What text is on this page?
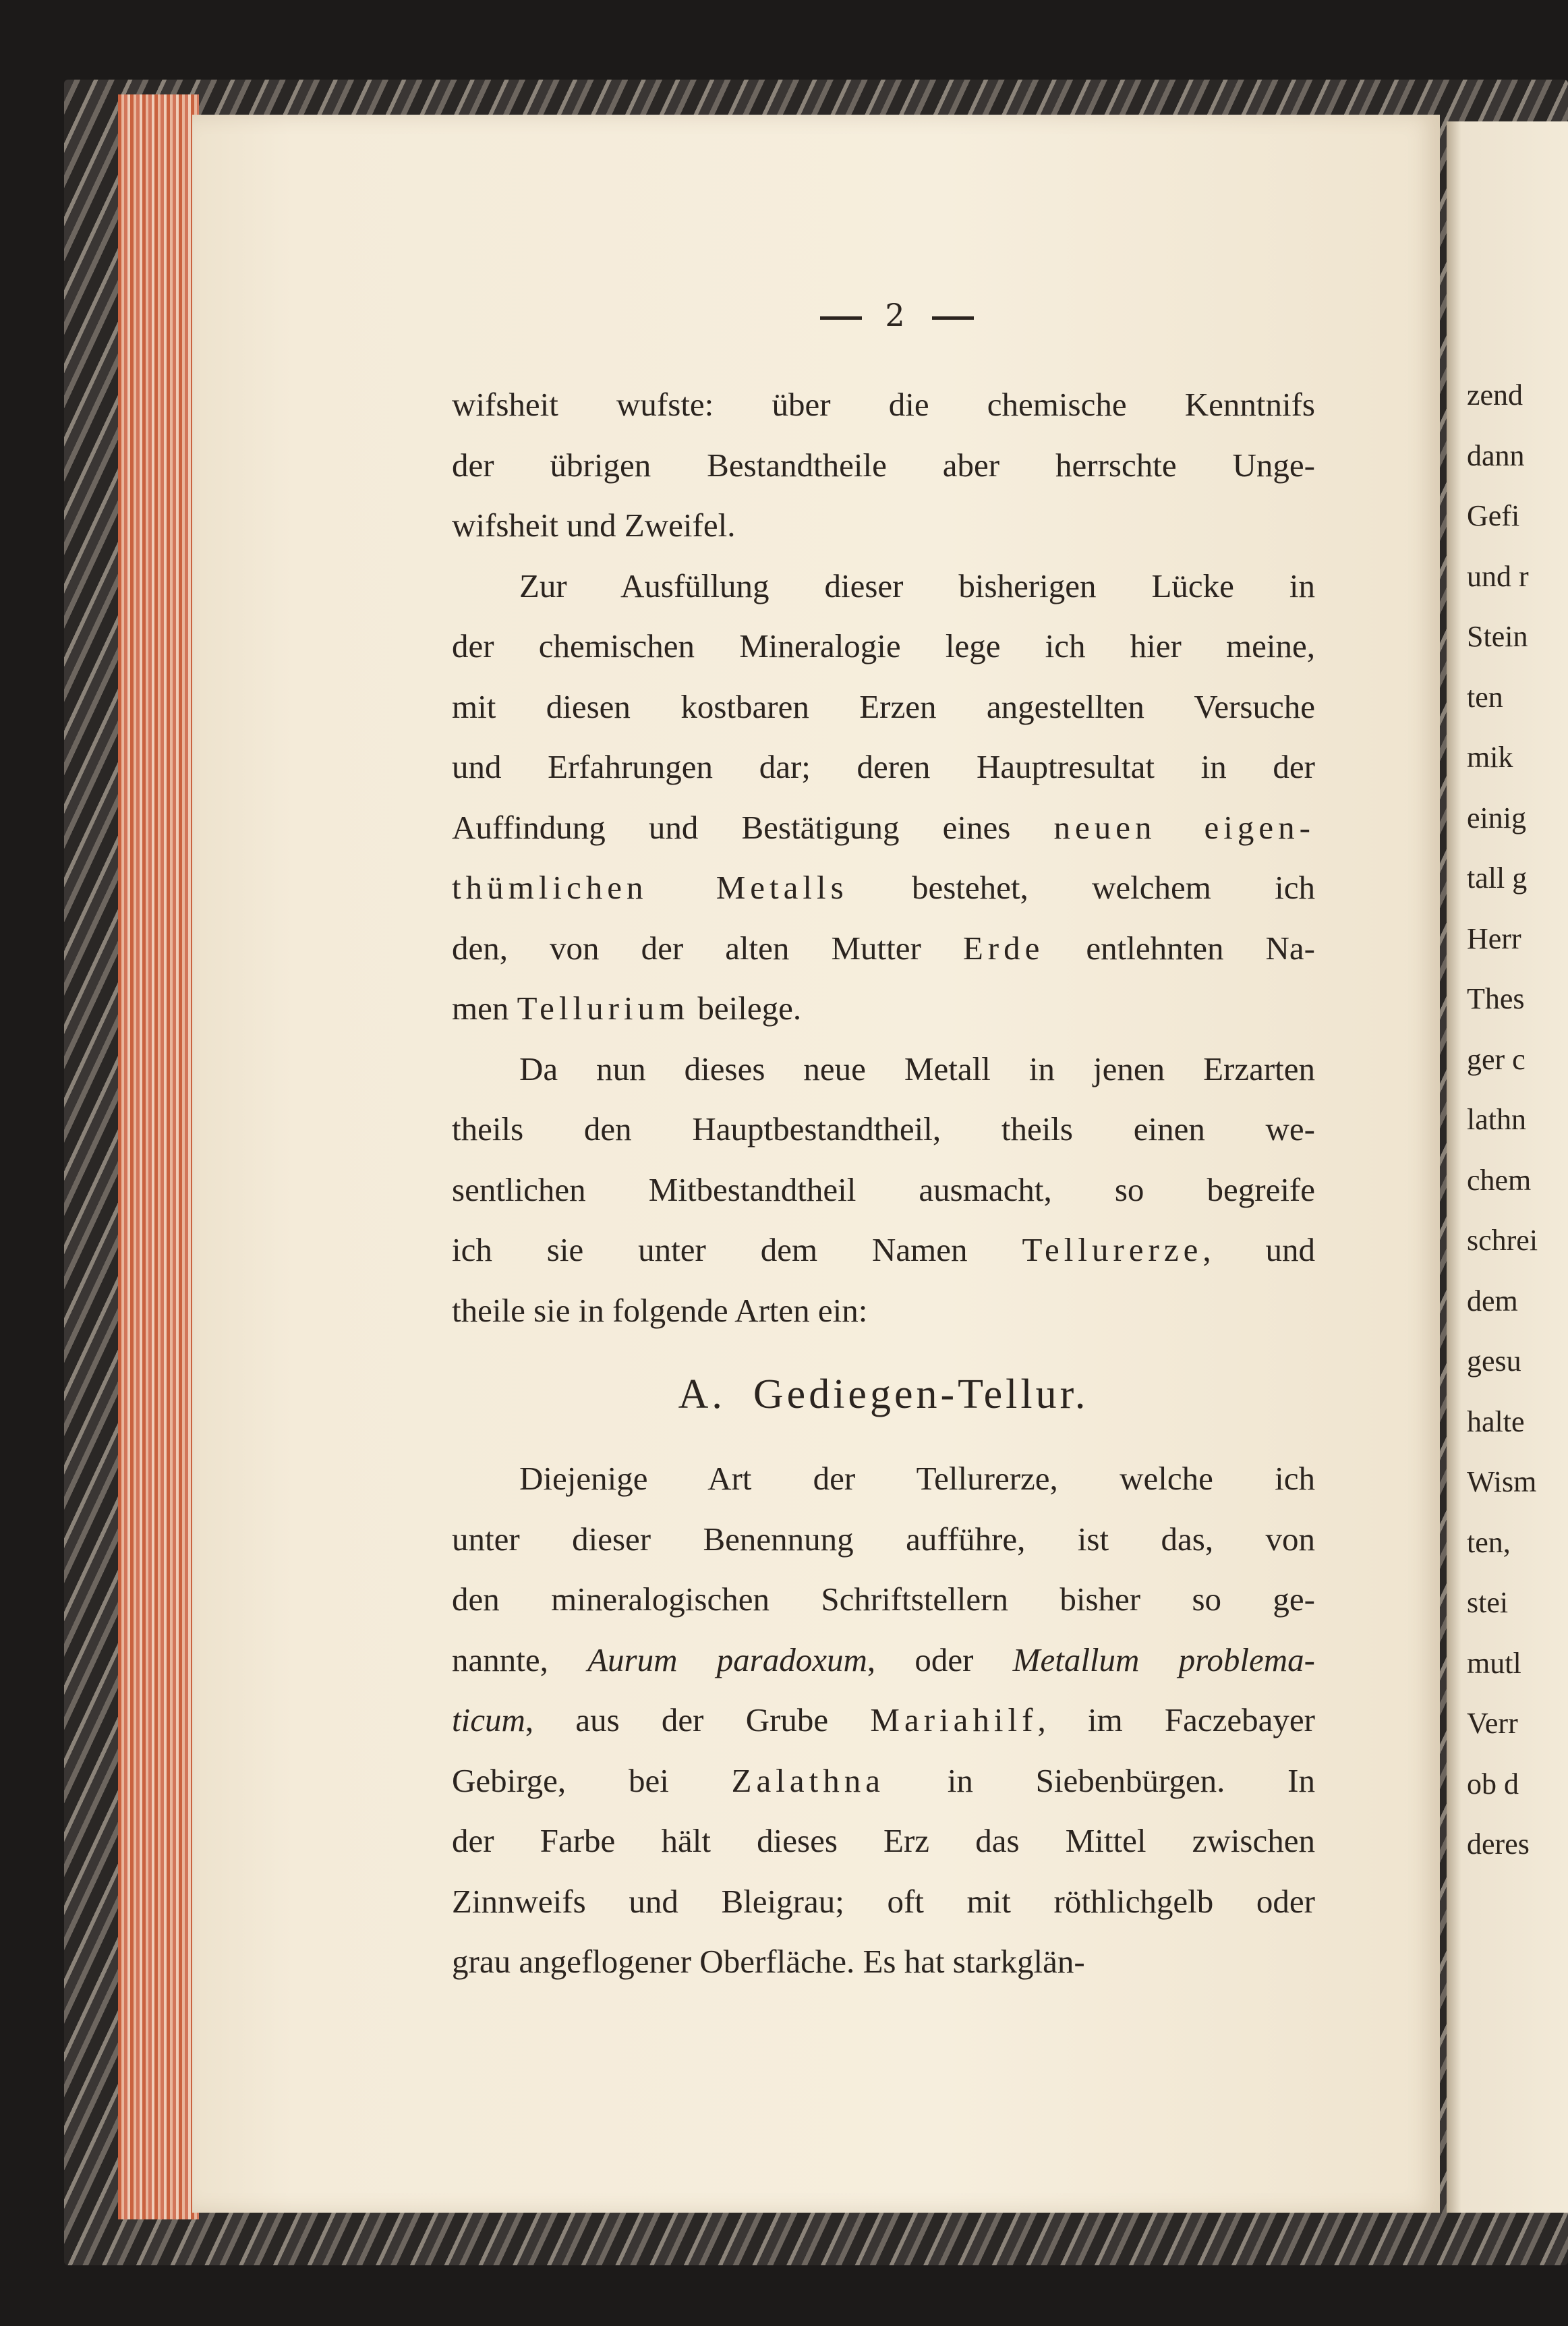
zend
dann
Gefi
und r
Stein
ten
mik
einig
tall g
Herr
Thes
ger c
lathn
chem
schrei
dem
gesu
halte
Wism
ten,
stei
mutl
Verr
ob d
deres
2
wifsheit wufste: über die chemische Kenntnifs
der übrigen Bestandtheile aber herrschte Unge-
wifsheit und Zweifel.
Zur Ausfüllung dieser bisherigen Lücke in
der chemischen Mineralogie lege ich hier meine,
mit diesen kostbaren Erzen angestellten Versuche
und Erfahrungen dar; deren Hauptresultat in der
Auffindung und Bestätigung eines neuen eigen-
thümlichen Metalls bestehet, welchem ich
den, von der alten Mutter Erde entlehnten Na-
men Tellurium beilege.
Da nun dieses neue Metall in jenen Erzarten
theils den Hauptbestandtheil, theils einen we-
sentlichen Mitbestandtheil ausmacht, so begreife
ich sie unter dem Namen Tellurerze, und
theile sie in folgende Arten ein:
A. Gediegen-Tellur.
Diejenige Art der Tellurerze, welche ich
unter dieser Benennung aufführe, ist das, von
den mineralogischen Schriftstellern bisher so ge-
nannte, Aurum paradoxum, oder Metallum problema-
ticum, aus der Grube Mariahilf, im Faczebayer
Gebirge, bei Zalathna in Siebenbürgen. In
der Farbe hält dieses Erz das Mittel zwischen
Zinnweifs und Bleigrau; oft mit röthlichgelb oder
grau angeflogener Oberfläche. Es hat starkglän-
